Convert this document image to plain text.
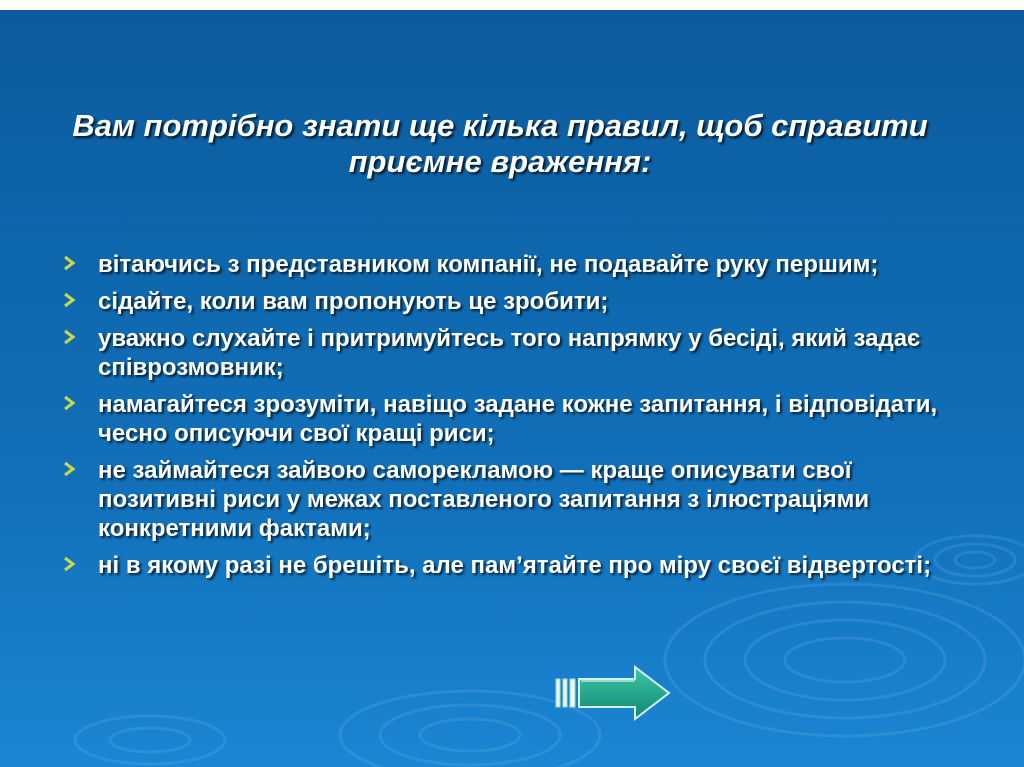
Вам потрібно знати ще кілька правил, щоб справити
приємне враження:
вітаючись з представником компанії, не подавайте руку першим;
сідайте, коли вам пропонують це зробити;
уважно слухайте і притримуйтесь того напрямку у бесіді, який задає співрозмовник;
намагайтеся зрозуміти, навіщо задане кожне запитання, і відповідати, чесно описуючи свої кращі риси;
не займайтеся зайвою саморекламою — краще описувати свої позитивні риси у межах поставленого запитання з ілюстраціями конкретними фактами;
ні в якому разі не брешіть, але пам’ятайте про міру своєї відвертості;
